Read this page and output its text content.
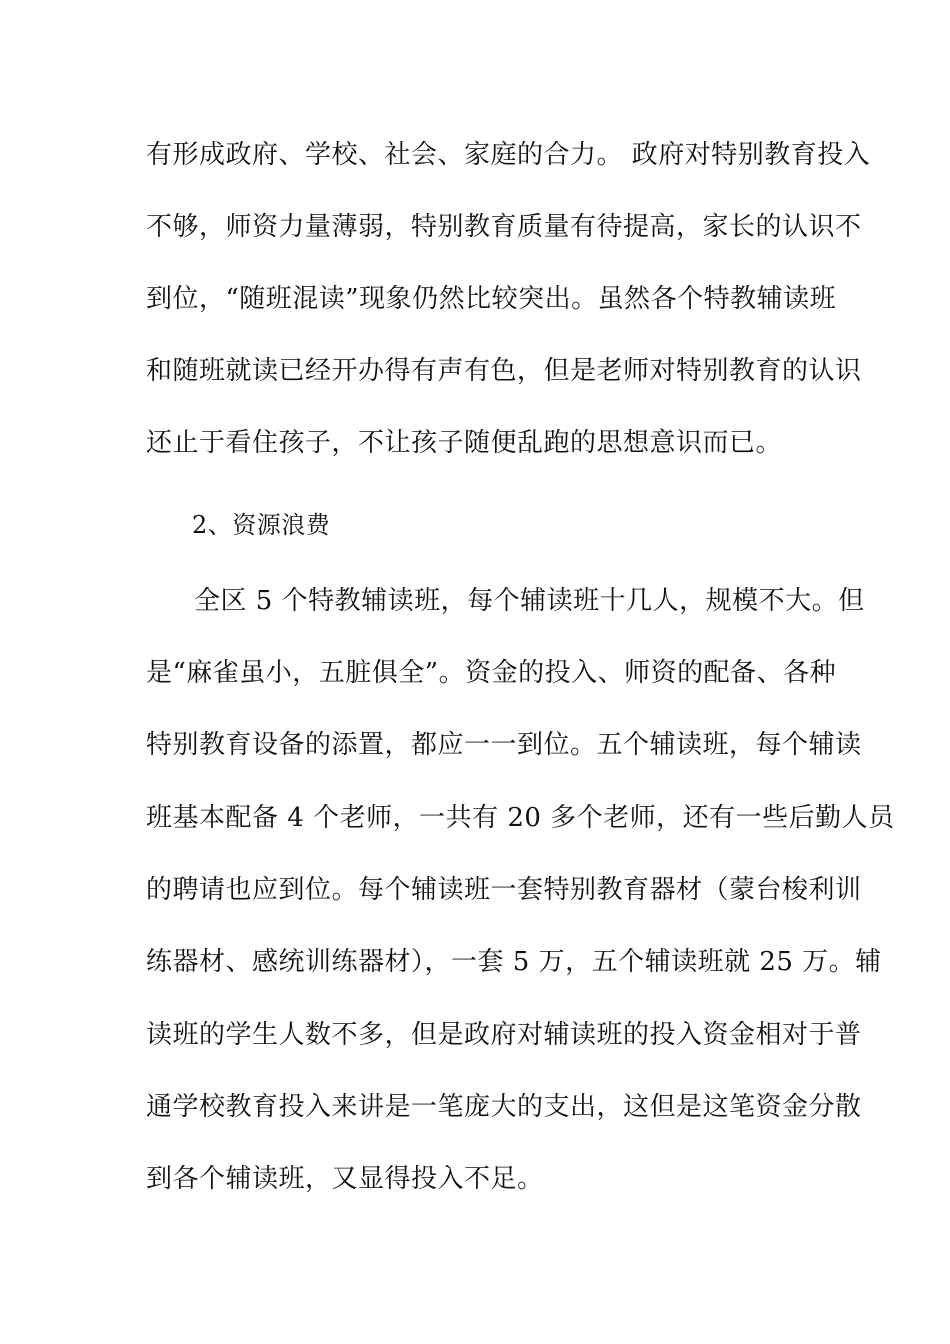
有形成政府、学校、社会、家庭的合力。 政府对特别教育投入
不够，师资力量薄弱，特别教育质量有待提高，家长的认识不
到位，“随班混读”现象仍然比较突出。虽然各个特教辅读班
和随班就读已经开办得有声有色，但是老师对特别教育的认识
还止于看住孩子，不让孩子随便乱跑的思想意识而已。
2、资源浪费
全区 5 个特教辅读班，每个辅读班十几人，规模不大。但
是“麻雀虽小，五脏俱全”。资金的投入、师资的配备、各种
特别教育设备的添置，都应一一到位。五个辅读班，每个辅读
班基本配备 4 个老师，一共有 20 多个老师，还有一些后勤人员
的聘请也应到位。每个辅读班一套特别教育器材（蒙台梭利训
练器材、感统训练器材），一套 5 万，五个辅读班就 25 万。辅
读班的学生人数不多，但是政府对辅读班的投入资金相对于普
通学校教育投入来讲是一笔庞大的支出，这但是这笔资金分散
到各个辅读班，又显得投入不足。
